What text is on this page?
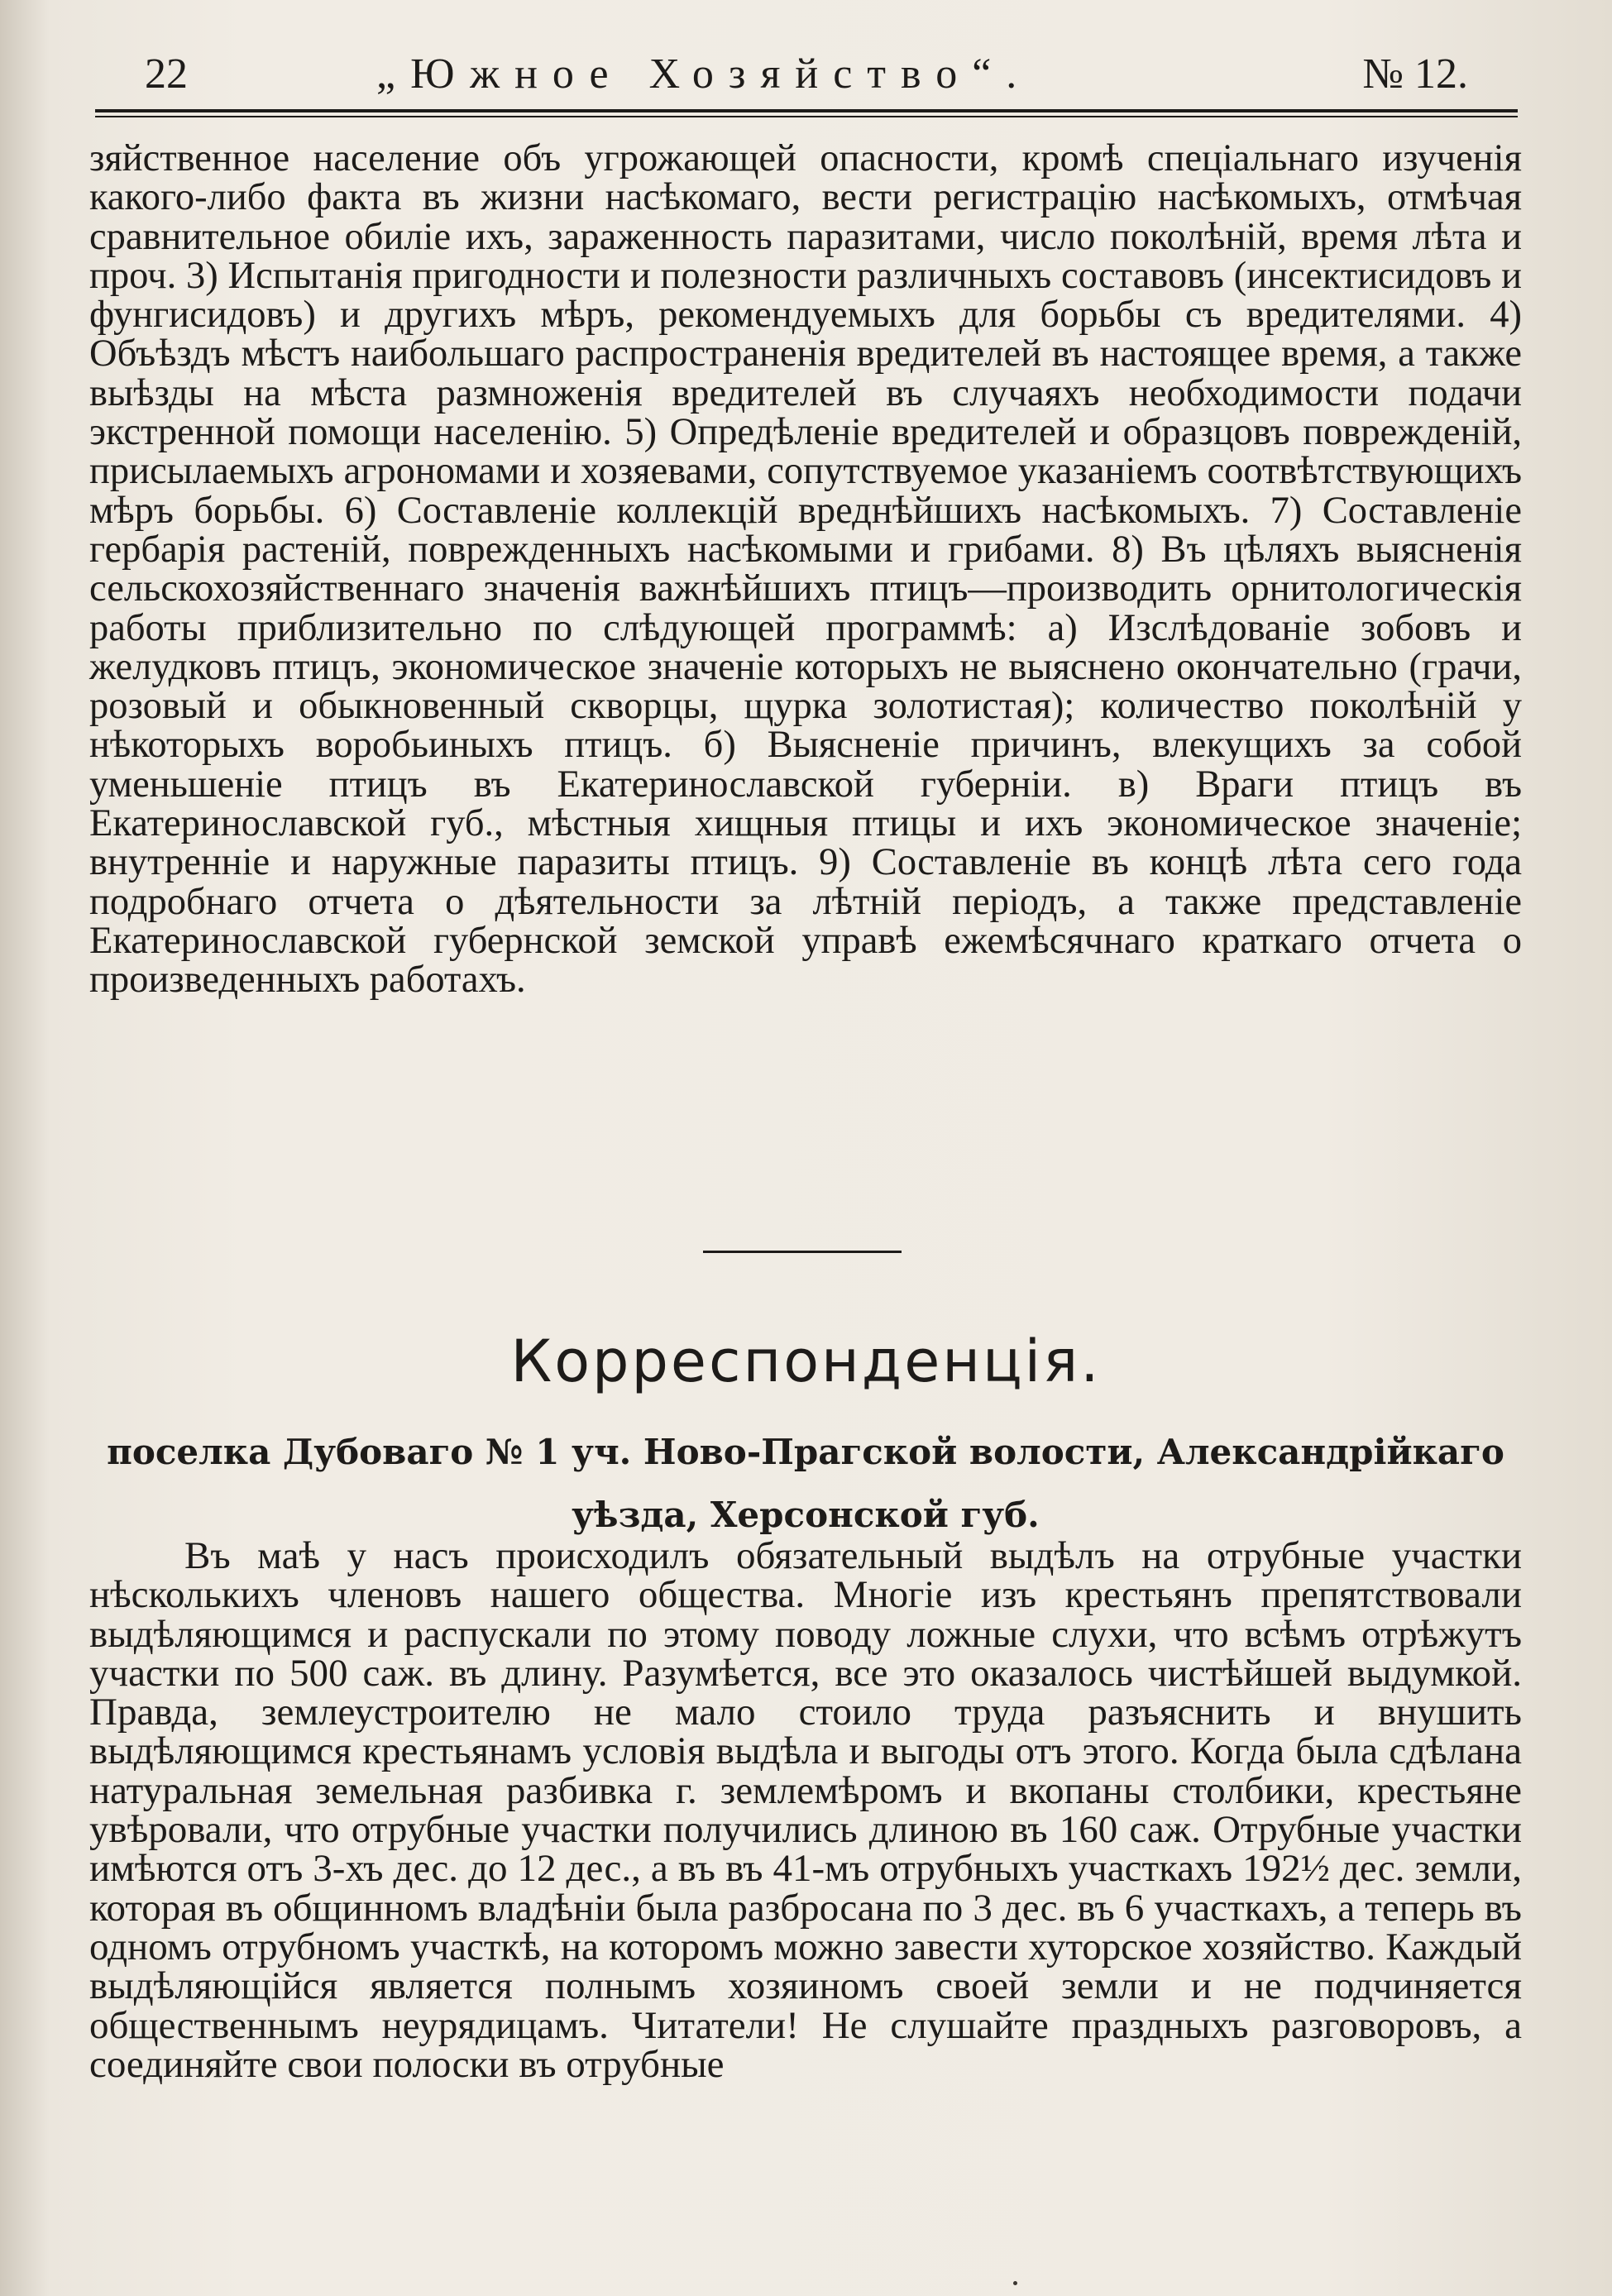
22	„Южное Хозяйство“.	№ 12.

зяйственное население объ угрожающей опасности, кромѣ спеціальнаго изученія какого-либо факта въ жизни насѣкомаго, вести регистрацію насѣкомыхъ, отмѣчая сравнительное обиліе ихъ, зараженность паразитами, число поколѣній, время лѣта и проч. 3) Испытанія пригодности и полезности различныхъ составовъ (инсектисидовъ и фунгисидовъ) и другихъ мѣръ, рекомендуемыхъ для борьбы съ вредителями. 4) Объѣздъ мѣстъ наибольшаго распространенія вредителей въ настоящее время, а также выѣзды на мѣста размноженія вредителей въ случаяхъ необходимости подачи экстренной помощи населенію. 5) Опредѣленіе вредителей и образцовъ поврежденій, присылаемыхъ агрономами и хозяевами, сопутствуемое указаніемъ соотвѣтствующихъ мѣръ борьбы. 6) Составленіе коллекцій вреднѣйшихъ насѣкомыхъ. 7) Составленіе гербарія растеній, поврежденныхъ насѣкомыми и грибами. 8) Въ цѣляхъ выясненія сельскохозяйственнаго значенія важнѣйшихъ птицъ—производить орнитологическія работы приблизительно по слѣдующей программѣ: а) Изслѣдованіе зобовъ и желудковъ птицъ, экономическое значеніе которыхъ не выяснено окончательно (грачи, розовый и обыкновенный скворцы, щурка золотистая); количество поколѣній у нѣкоторыхъ воробьиныхъ птицъ. б) Выясненіе причинъ, влекущихъ за собой уменьшеніе птицъ въ Екатеринославской губерніи. в) Враги птицъ въ Екатеринославской губ., мѣстныя хищныя птицы и ихъ экономическое значеніе; внутренніе и наружные паразиты птицъ. 9) Составленіе въ концѣ лѣта сего года подробнаго отчета о дѣятельности за лѣтній періодъ, а также представленіе Екатеринославской губернской земской управѣ ежемѣсячнаго краткаго отчета о произведенныхъ работахъ.

Корреспонденція.

поселка Дубоваго № 1 уч. Ново-Прагской волости, Александрійкаго уѣзда, Херсонской губ.

Въ маѣ у насъ происходилъ обязательный выдѣлъ на отрубные участки нѣсколькихъ членовъ нашего общества. Многіе изъ крестьянъ препятствовали выдѣляющимся и распускали по этому поводу ложные слухи, что всѣмъ отрѣжутъ участки по 500 саж. въ длину. Разумѣется, все это оказалось чистѣйшей выдумкой. Правда, землеустроителю не мало стоило труда разъяснить и внушить выдѣляющимся крестьянамъ условія выдѣла и выгоды отъ этого. Когда была сдѣлана натуральная земельная разбивка г. землемѣромъ и вкопаны столбики, крестьяне увѣровали, что отрубные участки получились длиною въ 160 саж. Отрубные участки имѣются отъ 3-хъ дес. до 12 дес., а въ въ 41-мъ отрубныхъ участкахъ 192½ дес. земли, которая въ общинномъ владѣніи была разбросана по 3 дес. въ 6 участкахъ, а теперь въ одномъ отрубномъ участкѣ, на которомъ можно завести хуторское хозяйство. Каждый выдѣляющійся является полнымъ хозяиномъ своей земли и не подчиняется общественнымъ неурядицамъ. Читатели! Не слушайте праздныхъ разговоровъ, а соединяйте свои полоски въ отрубные
